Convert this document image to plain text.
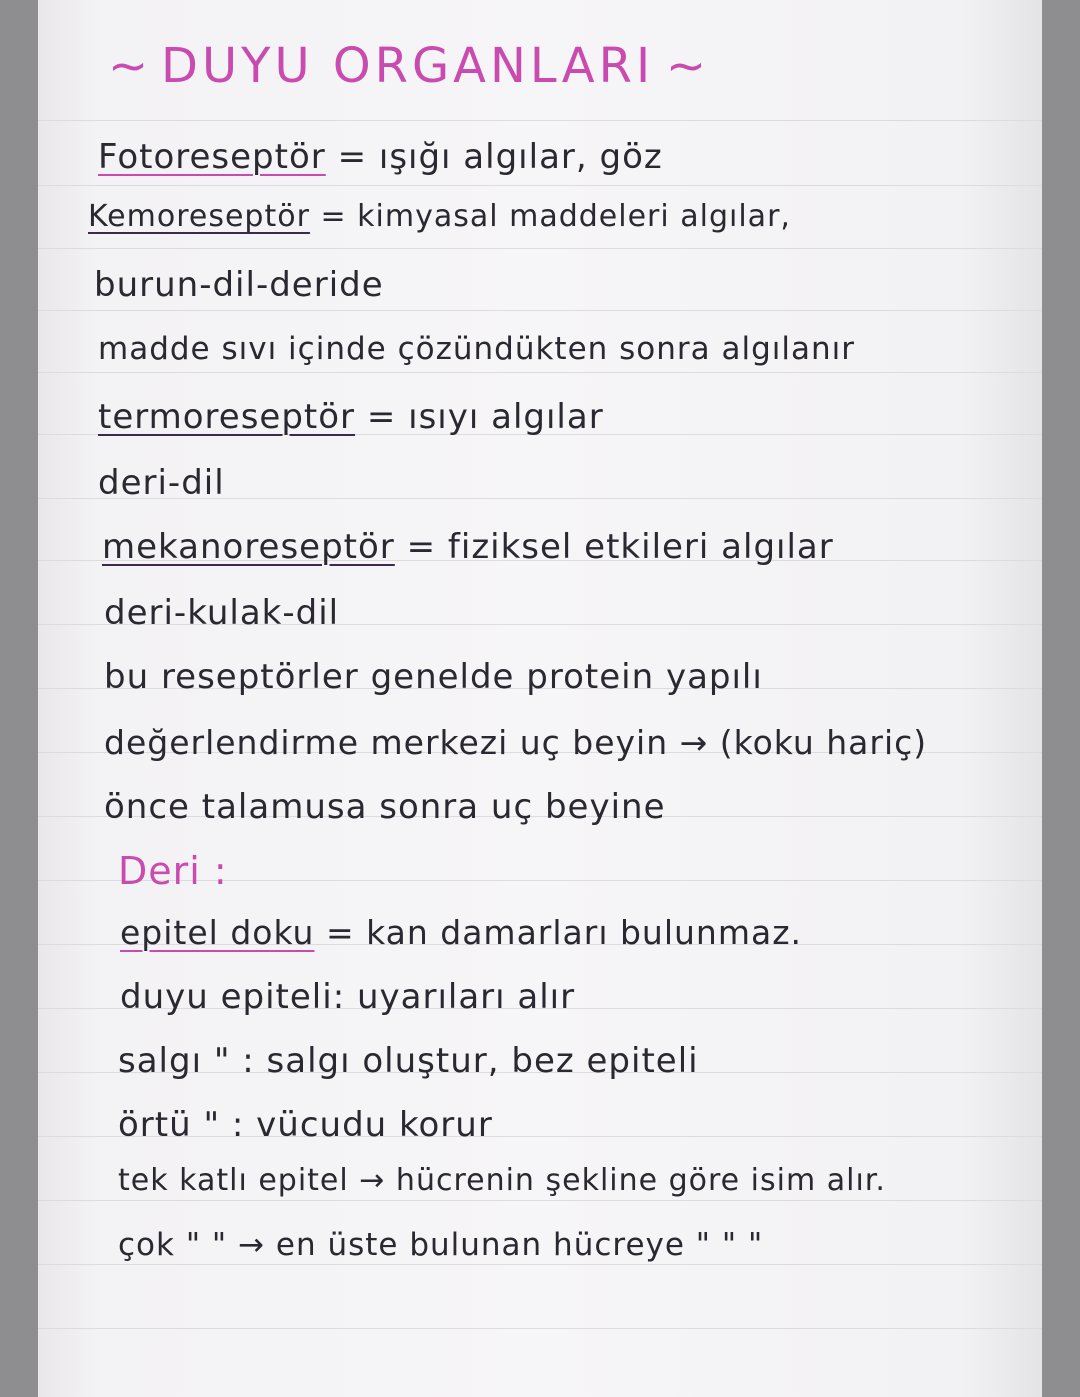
~ DUYU ORGANLARI ~
Fotoreseptör = ışığı algılar, göz
Kemoreseptör = kimyasal maddeleri algılar,
burun-dil-deride
madde sıvı içinde çözündükten sonra algılanır
termoreseptör = ısıyı algılar
deri-dil
mekanoreseptör = fiziksel etkileri algılar
deri-kulak-dil
bu reseptörler genelde protein yapılı
değerlendirme merkezi uç beyin → (koku hariç)
önce talamusa sonra uç beyine
Deri :
epitel doku = kan damarları bulunmaz.
duyu epiteli: uyarıları alır
salgı " : salgı oluştur, bez epiteli
örtü " : vücudu korur
tek katlı epitel → hücrenin şekline göre isim alır.
çok " " → en üste bulunan hücreye " " "
